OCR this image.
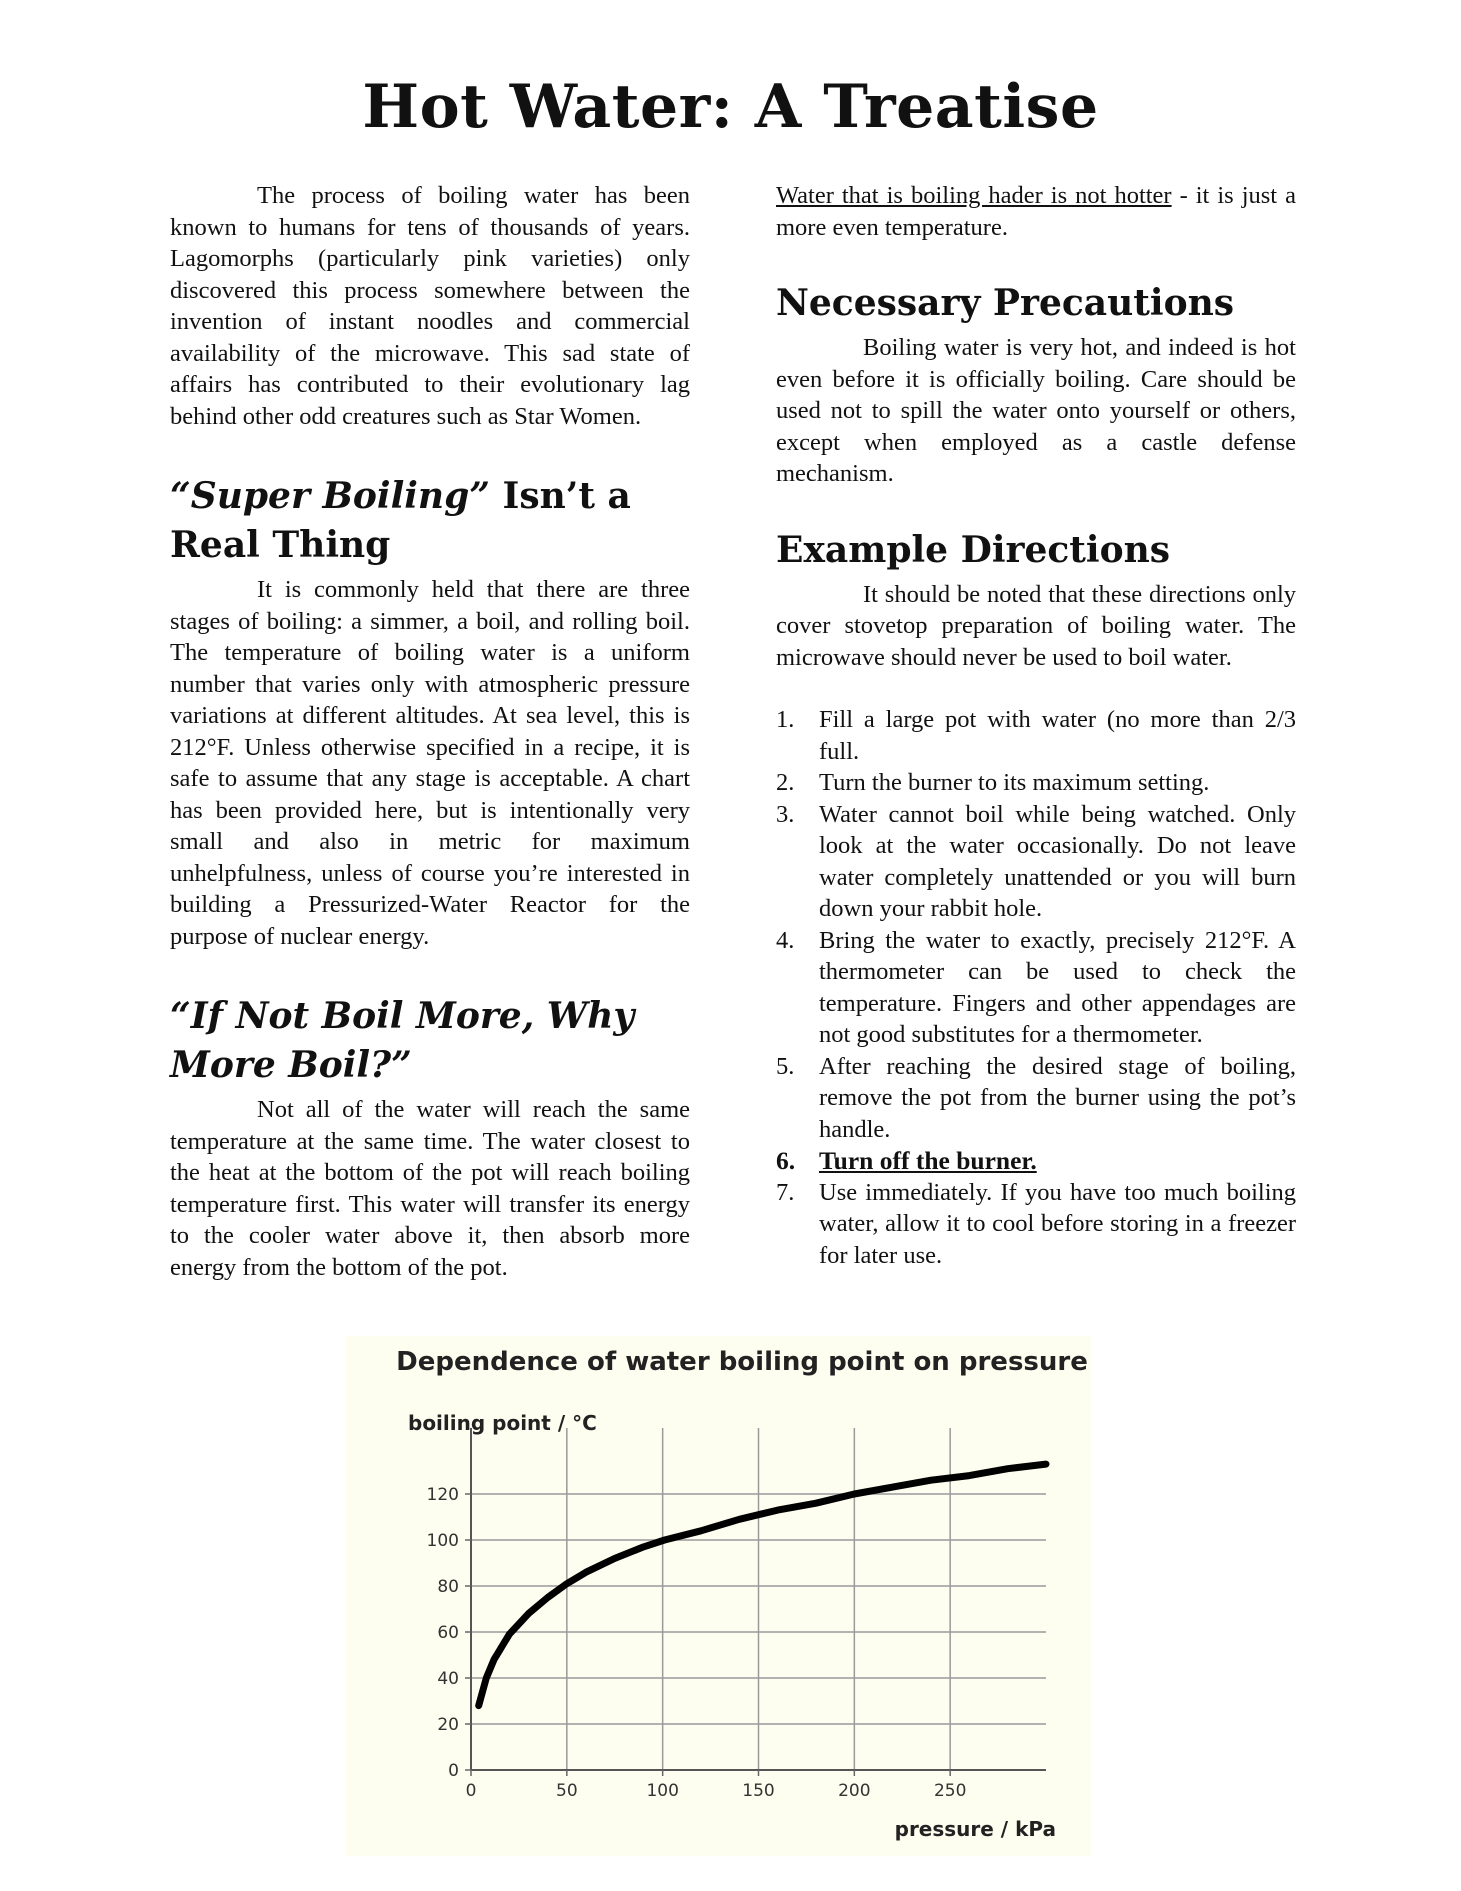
Hot Water: A Treatise

The process of boiling water has been known to humans for tens of thousands of years. Lagomorphs (particularly pink varieties) only discovered this process somewhere between the invention of instant noodles and commercial availability of the microwave. This sad state of affairs has contributed to their evolutionary lag behind other odd creatures such as Star Women.

“Super Boiling” Isn’t a Real Thing

It is commonly held that there are three stages of boiling: a simmer, a boil, and rolling boil. The temperature of boiling water is a uniform number that varies only with atmospheric pressure variations at different altitudes. At sea level, this is 212°F. Unless otherwise specified in a recipe, it is safe to assume that any stage is acceptable. A chart has been provided here, but is intentionally very small and also in metric for maximum unhelpfulness, unless of course you’re interested in building a Pressurized-Water Reactor for the purpose of nuclear energy.

“If Not Boil More, Why More Boil?”

Not all of the water will reach the same temperature at the same time. The water closest to the heat at the bottom of the pot will reach boiling temperature first. This water will transfer its energy to the cooler water above it, then absorb more energy from the bottom of the pot.

Water that is boiling hader is not hotter - it is just a more even temperature.

Necessary Precautions

Boiling water is very hot, and indeed is hot even before it is officially boiling. Care should be used not to spill the water onto yourself or others, except when employed as a castle defense mechanism.

Example Directions

It should be noted that these directions only cover stovetop preparation of boiling water. The microwave should never be used to boil water.

1. Fill a large pot with water (no more than 2/3 full.
2. Turn the burner to its maximum setting.
3. Water cannot boil while being watched. Only look at the water occasionally. Do not leave water completely unattended or you will burn down your rabbit hole.
4. Bring the water to exactly, precisely 212°F. A thermometer can be used to check the temperature. Fingers and other appendages are not good substitutes for a thermometer.
5. After reaching the desired stage of boiling, remove the pot from the burner using the pot’s handle.
6. Turn off the burner.
7. Use immediately. If you have too much boiling water, allow it to cool before storing in a freezer for later use.
Dependence of water boiling point on pressure
boiling point / °C
pressure / kPa
0
20
40
60
80
100
120
0	50	100	150	200	250
